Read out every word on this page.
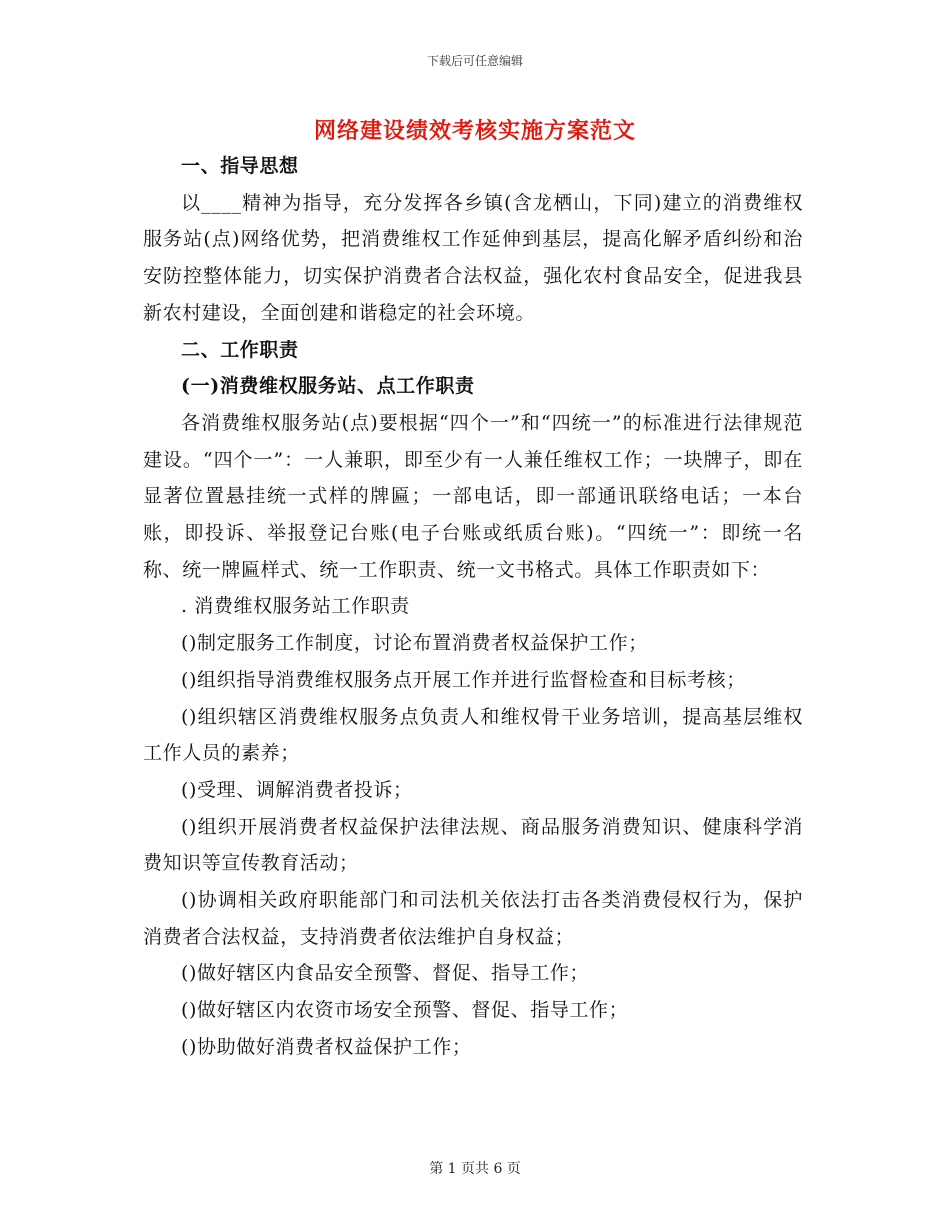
下载后可任意编辑
网络建设绩效考核实施方案范文

一、指导思想

以____精神为指导，充分发挥各乡镇(含龙栖山，下同)建立的消费维权服务站(点)网络优势，把消费维权工作延伸到基层，提高化解矛盾纠纷和治安防控整体能力，切实保护消费者合法权益，强化农村食品安全，促进我县新农村建设，全面创建和谐稳定的社会环境。

二、工作职责

(一)消费维权服务站、点工作职责

各消费维权服务站(点)要根据“四个一”和“四统一”的标准进行法律规范建设。“四个一”：一人兼职，即至少有一人兼任维权工作；一块牌子，即在显著位置悬挂统一式样的牌匾；一部电话，即一部通讯联络电话；一本台账，即投诉、举报登记台账(电子台账或纸质台账)。“四统一”：即统一名称、统一牌匾样式、统一工作职责、统一文书格式。具体工作职责如下：

. 消费维权服务站工作职责

()制定服务工作制度，讨论布置消费者权益保护工作；

()组织指导消费维权服务点开展工作并进行监督检查和目标考核；

()组织辖区消费维权服务点负责人和维权骨干业务培训，提高基层维权工作人员的素养；

()受理、调解消费者投诉；

()组织开展消费者权益保护法律法规、商品服务消费知识、健康科学消费知识等宣传教育活动；

()协调相关政府职能部门和司法机关依法打击各类消费侵权行为，保护消费者合法权益，支持消费者依法维护自身权益；

()做好辖区内食品安全预警、督促、指导工作；

()做好辖区内农资市场安全预警、督促、指导工作；

()协助做好消费者权益保护工作；

第 1 页共 6 页
